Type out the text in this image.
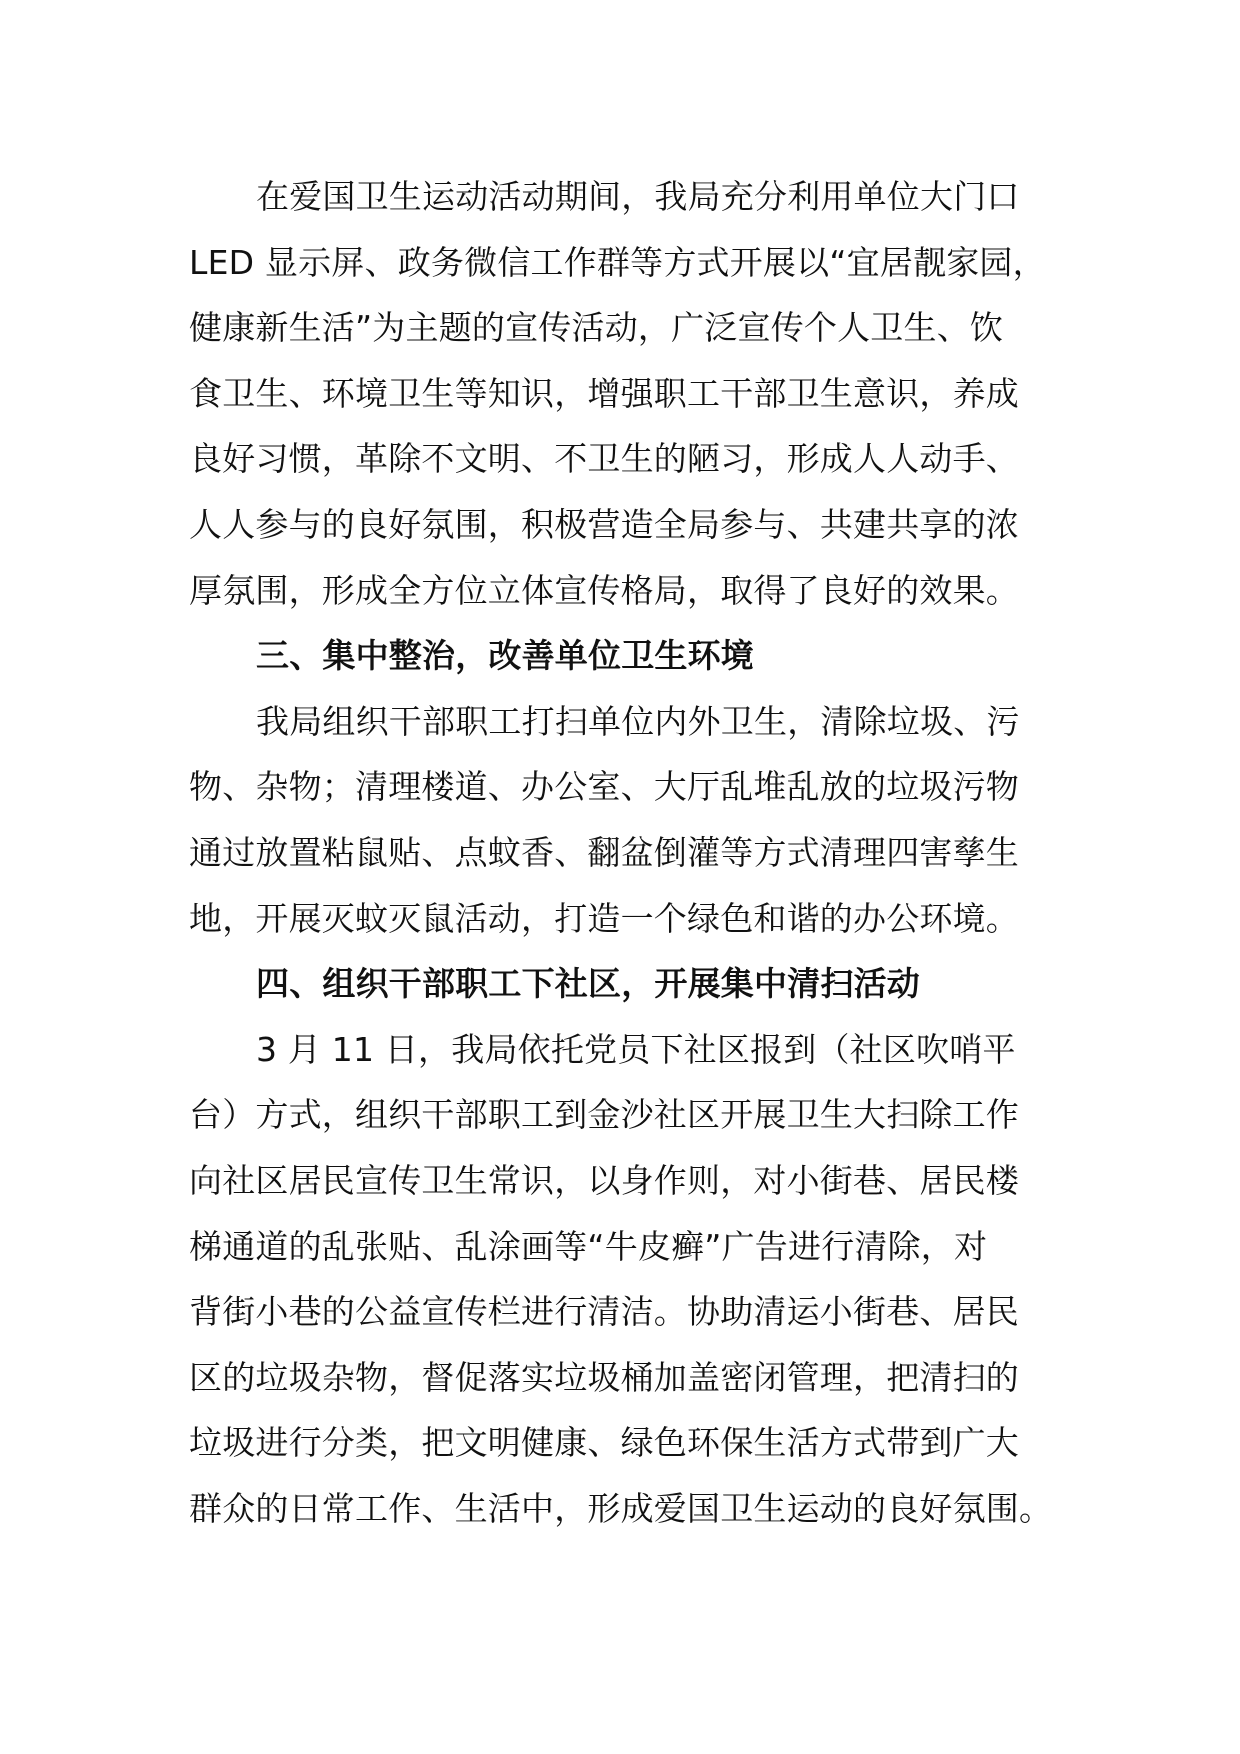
在爱国卫生运动活动期间，我局充分利用单位大门口
LED 显示屏、政务微信工作群等方式开展以“宜居靓家园，
健康新生活”为主题的宣传活动，广泛宣传个人卫生、饮
食卫生、环境卫生等知识，增强职工干部卫生意识，养成
良好习惯，革除不文明、不卫生的陋习，形成人人动手、
人人参与的良好氛围，积极营造全局参与、共建共享的浓
厚氛围，形成全方位立体宣传格局，取得了良好的效果。
三、集中整治，改善单位卫生环境
我局组织干部职工打扫单位内外卫生，清除垃圾、污
物、杂物；清理楼道、办公室、大厅乱堆乱放的垃圾污物
通过放置粘鼠贴、点蚊香、翻盆倒灌等方式清理四害孳生
地，开展灭蚊灭鼠活动，打造一个绿色和谐的办公环境。
四、组织干部职工下社区，开展集中清扫活动
3 月 11 日，我局依托党员下社区报到（社区吹哨平
台）方式，组织干部职工到金沙社区开展卫生大扫除工作
向社区居民宣传卫生常识，以身作则，对小街巷、居民楼
梯通道的乱张贴、乱涂画等“牛皮癣”广告进行清除，对
背街小巷的公益宣传栏进行清洁。协助清运小街巷、居民
区的垃圾杂物，督促落实垃圾桶加盖密闭管理，把清扫的
垃圾进行分类，把文明健康、绿色环保生活方式带到广大
群众的日常工作、生活中，形成爱国卫生运动的良好氛围。
